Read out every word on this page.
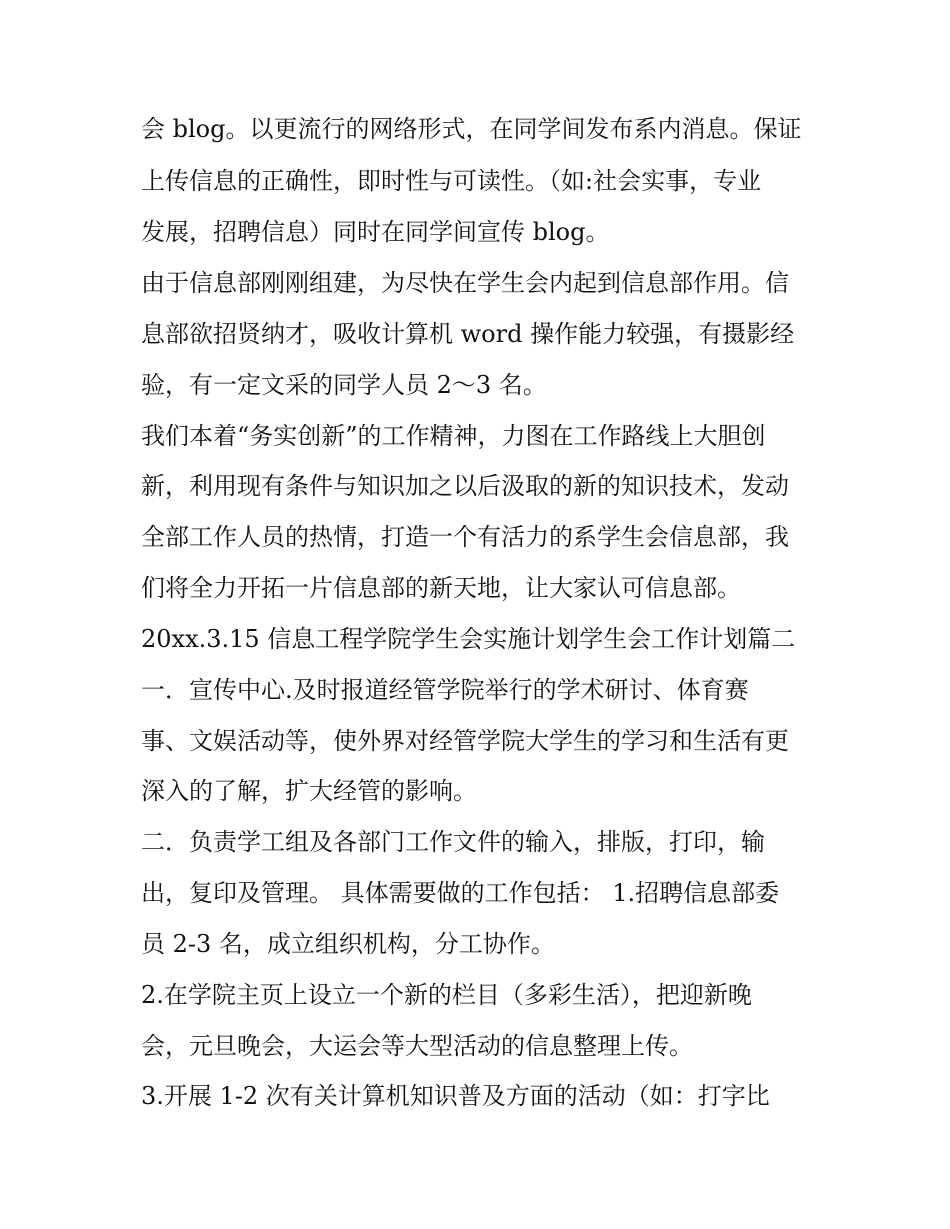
会 blog。以更流行的网络形式，在同学间发布系内消息。保证
上传信息的正确性，即时性与可读性。（如:社会实事，专业
发展，招聘信息）同时在同学间宣传 blog。
由于信息部刚刚组建，为尽快在学生会内起到信息部作用。信
息部欲招贤纳才，吸收计算机 word 操作能力较强，有摄影经
验，有一定文采的同学人员 2～3 名。
我们本着“务实创新”的工作精神，力图在工作路线上大胆创
新，利用现有条件与知识加之以后汲取的新的知识技术，发动
全部工作人员的热情，打造一个有活力的系学生会信息部，我
们将全力开拓一片信息部的新天地，让大家认可信息部。
20xx.3.15 信息工程学院学生会实施计划学生会工作计划篇二
一．宣传中心.及时报道经管学院举行的学术研讨、体育赛
事、文娱活动等，使外界对经管学院大学生的学习和生活有更
深入的了解，扩大经管的影响。
二．负责学工组及各部门工作文件的输入，排版，打印，输
出，复印及管理。 具体需要做的工作包括： 1.招聘信息部委
员 2-3 名，成立组织机构，分工协作。
2.在学院主页上设立一个新的栏目（多彩生活），把迎新晚
会，元旦晚会，大运会等大型活动的信息整理上传。
3.开展 1-2 次有关计算机知识普及方面的活动（如：打字比
